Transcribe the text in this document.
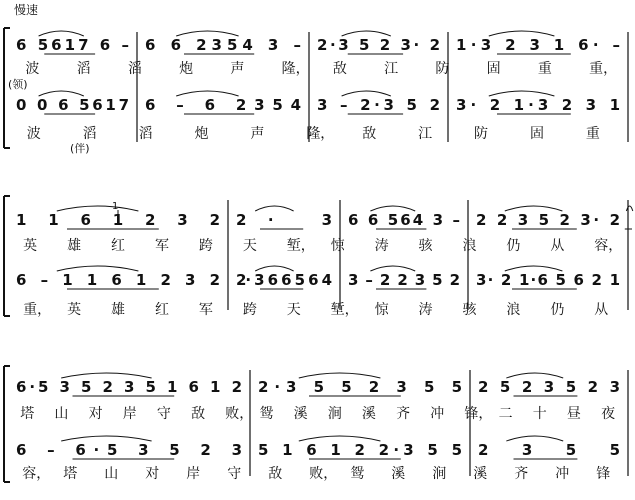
慢速
(领)
(伴)
6 5617 6 – 6 6 2354 3 – 2·3 5 2 3· 2 1·3 2 3 1 6· –
波	滔	滔	炮	声	隆， 敌	江	防	固	重	重，
0 0 6 5617 6 – 6 2354 3 – 2·3 5 2 3· 2 1·3 2 3 1
波	滔	滔	炮	声	隆， 敌	江	防	固	重
1 1 6 1 2 3 2 2· 3 6 6 564 3 – 2 2 3 5 2 3· 2
英 雄 红 军 跨 天 堑， 惊 涛 骇 浪 仍 从 容，
6 – 1 1 6 1 2 3 2 2· 3 6 6 5 6 4 3 – 2 2 3 5 2 3· 2 1·6 5 6 2 1
重， 英 雄 红 军 跨 天 堑， 惊 涛 骇 浪 仍 从
1
6·5 3 5 2 3 5 1 6 1 2 2·3 5 5 2 3 5 5 2 5 2 3 5 2 3
塔 山 对 岸 守 敌 败， 鸳 溪 涧 溪 齐 冲 锋， 二 十 昼 夜
6 – 6·5 3 5 2 3 5 1 6 1 2 2·3 5 5 2 3 5 5
容， 塔 山 对 岸 守 敌 败， 鸳 溪 涧 溪 齐 冲 锋
